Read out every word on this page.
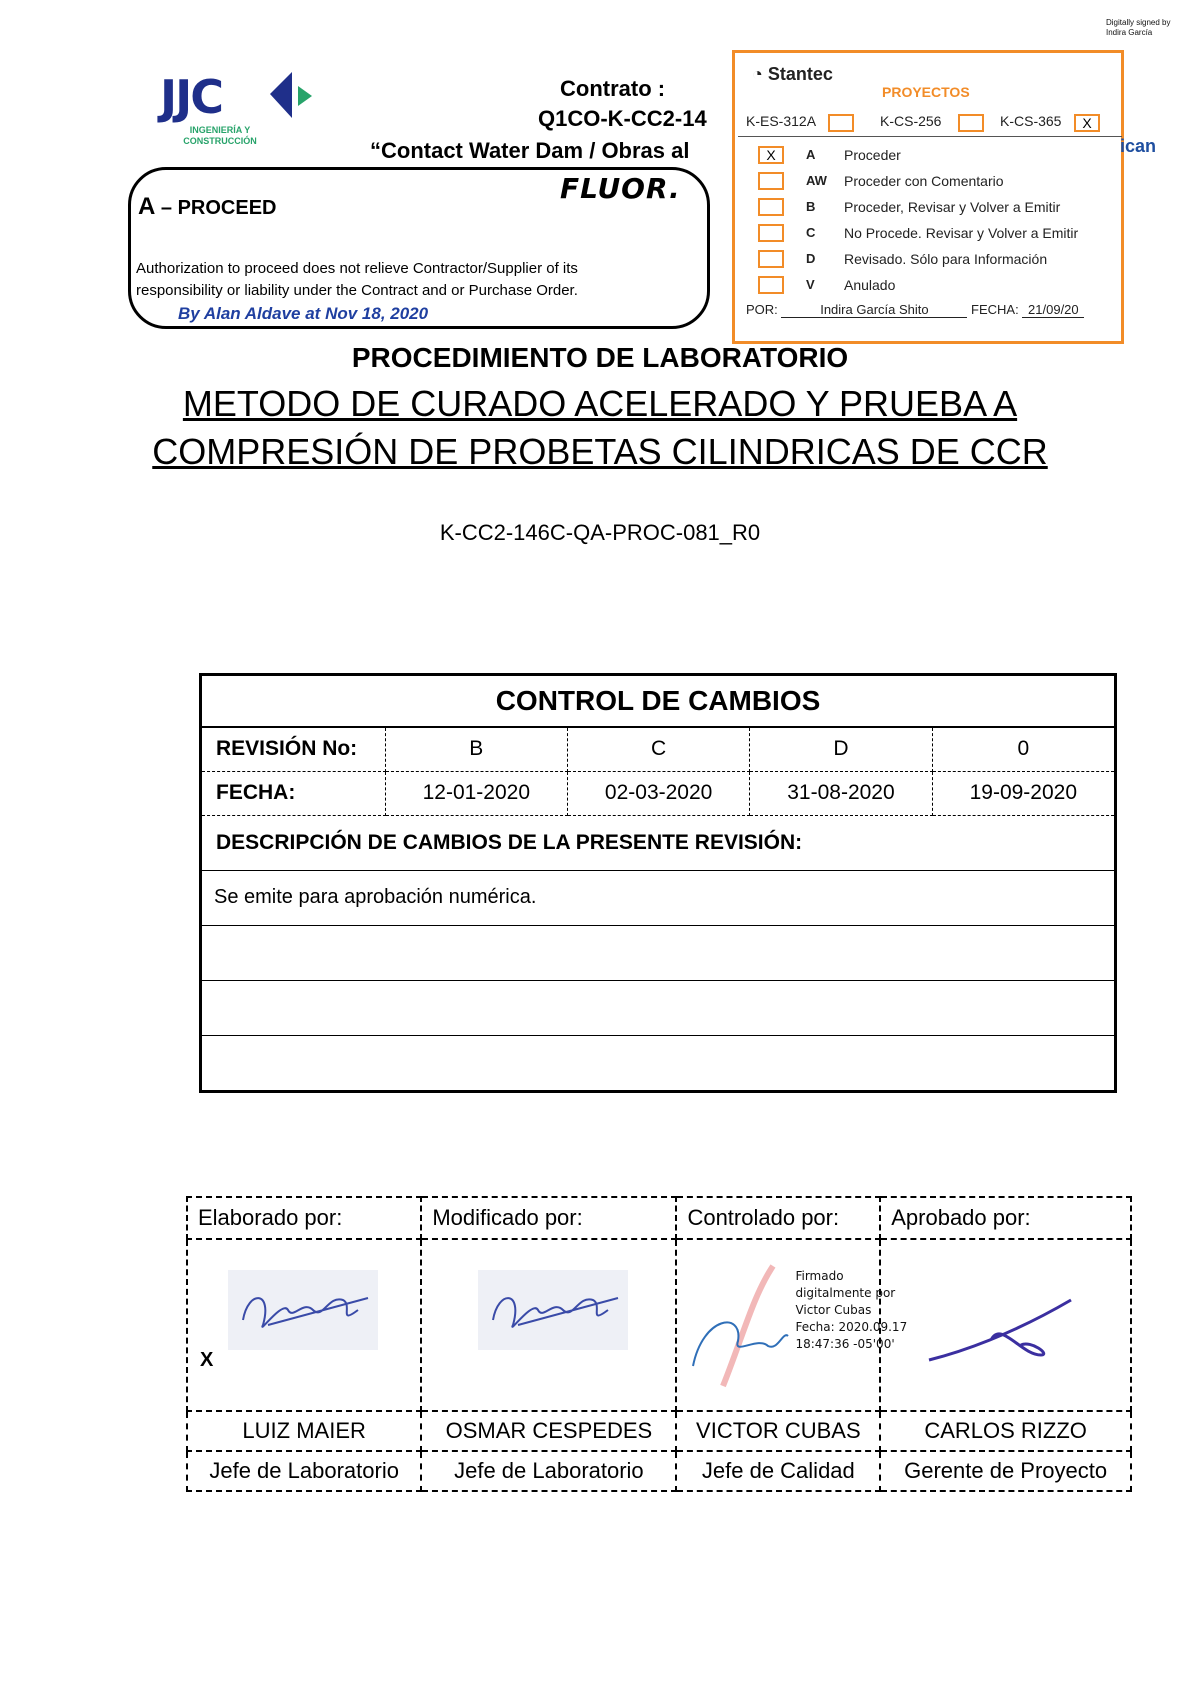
JJC
INGENIERÍA Y CONSTRUCCIÓN
Contrato :
Q1CO-K-CC2-14
“Contact Water Dam / Obras al
A – PROCEED
FLUOR.
Authorization to proceed does not relieve Contractor/Supplier of its responsibility or liability under the Contract and or Purchase Order.
By Alan Aldave at Nov 18, 2020
◔ Stantec
PROYECTOS
K-ES-312A	K-CS-256	K-CS-365	X
X	A Proceder
AW Proceder con Comentario
B Proceder, Revisar y Volver a Emitir
C No Procede. Revisar y Volver a Emitir
D Revisado. Sólo para Información
V Anulado
POR:	Indira García Shito	FECHA: 21/09/20
Digitally signed by Indira García
ican
PROCEDIMIENTO DE LABORATORIO
METODO DE CURADO ACELERADO Y PRUEBA A
COMPRESIÓN DE PROBETAS CILINDRICAS DE CCR
K-CC2-146C-QA-PROC-081_R0
CONTROL DE CAMBIOS				
REVISIÓN No:	B	C	D	0
FECHA:	12-01-2020	02-03-2020	31-08-2020	19-09-2020
DESCRIPCIÓN DE CAMBIOS DE LA PRESENTE REVISIÓN:				
Se emite para aprobación numérica.				

Elaborado por:	Modificado por:	Controlado por:	Aprobado por:

X		Firmado digitalmente por Victor Cubas Fecha: 2020.09.17 18:47:36 -05'00'

LUIZ MAIER	OSMAR CESPEDES	VICTOR CUBAS	CARLOS RIZZO
Jefe de Laboratorio	Jefe de Laboratorio	Jefe de Calidad	Gerente de Proyecto
